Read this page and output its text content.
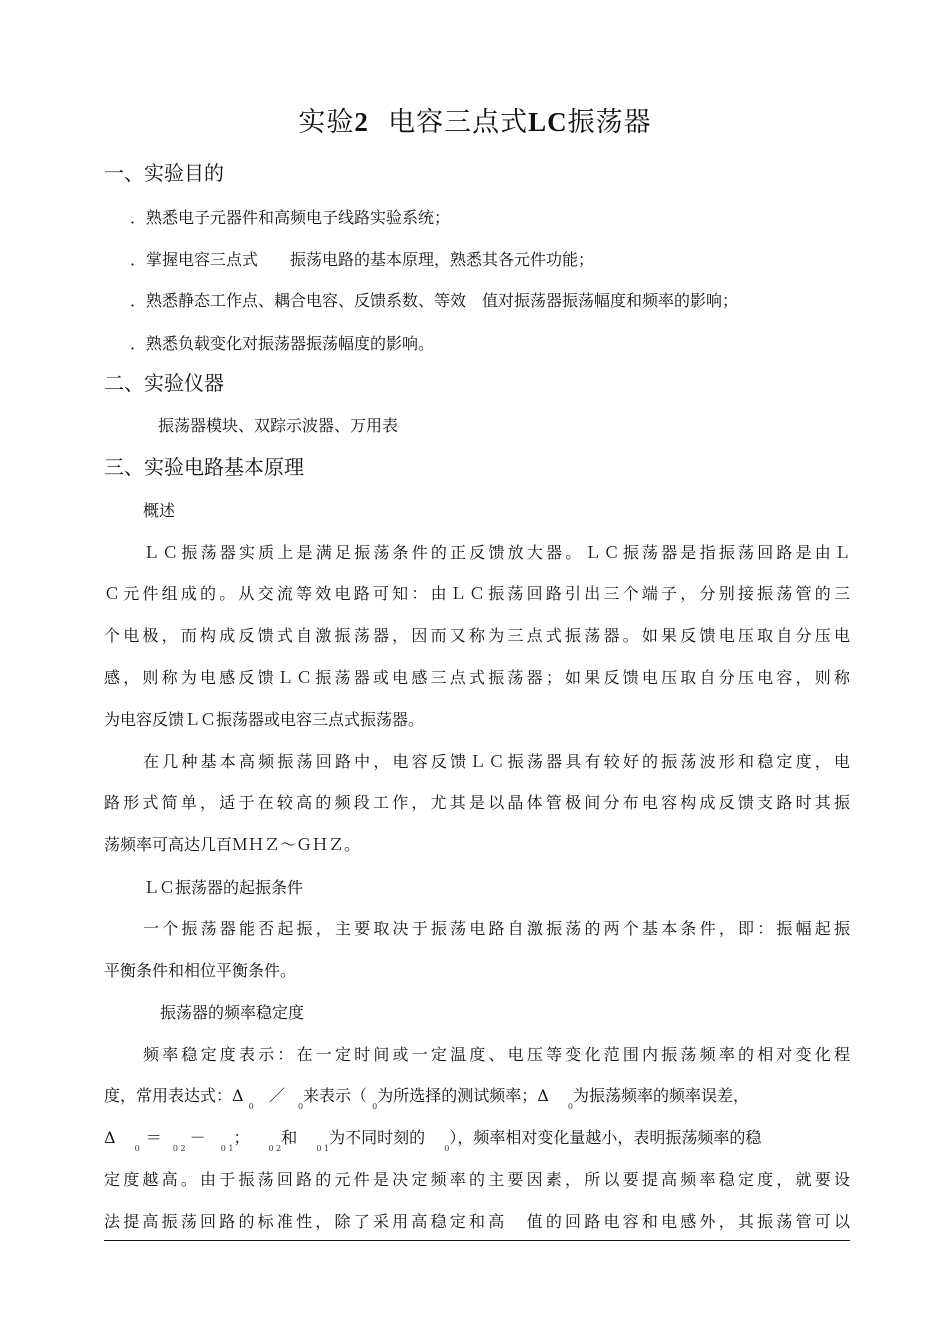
实验2  电容三点式LC振荡器
一、实验目的
．熟悉电子元器件和高频电子线路实验系统；
．掌握电容三点式　　振荡电路的基本原理，熟悉其各元件功能；
．熟悉静态工作点、耦合电容、反馈系数、等效　值对振荡器振荡幅度和频率的影响；
．熟悉负载变化对振荡器振荡幅度的影响。
二、实验仪器
振荡器模块、双踪示波器、万用表
三、实验电路基本原理
概述
ＬＣ振荡器实质上是满足振荡条件的正反馈放大器。ＬＣ振荡器是指振荡回路是由Ｌ
Ｃ元件组成的。从交流等效电路可知：由ＬＣ振荡回路引出三个端子，分别接振荡管的三
个电极，而构成反馈式自激振荡器，因而又称为三点式振荡器。如果反馈电压取自分压电
感，则称为电感反馈ＬＣ振荡器或电感三点式振荡器；如果反馈电压取自分压电容，则称
为电容反馈ＬＣ振荡器或电容三点式振荡器。
在几种基本高频振荡回路中，电容反馈ＬＣ振荡器具有较好的振荡波形和稳定度，电
路形式简单，适于在较高的频段工作，尤其是以晶体管极间分布电容构成反馈支路时其振
荡频率可高达几百ＭＨＺ～ＧＨＺ。
ＬＣ振荡器的起振条件
一个振荡器能否起振，主要取决于振荡电路自激振荡的两个基本条件，即：振幅起振
平衡条件和相位平衡条件。
振荡器的频率稳定度
频率稳定度表示：在一定时间或一定温度、电压等变化范围内振荡频率的相对变化程
度，常用表达式：Δ $_0$ ／ $_0$来表示（ $_0$为所选择的测试频率；Δ $_0$为振荡频率的频率误差，
Δ $_0$＝ $_{0 2}$－ $_{0 1}$； $_{0 2}$和 $_{0 1}$为不同时刻的 $_0$），频率相对变化量越小，表明振荡频率的稳
定度越高。由于振荡回路的元件是决定频率的主要因素，所以要提高频率稳定度，就要设
法提高振荡回路的标准性，除了采用高稳定和高　值的回路电容和电感外，其振荡管可以
